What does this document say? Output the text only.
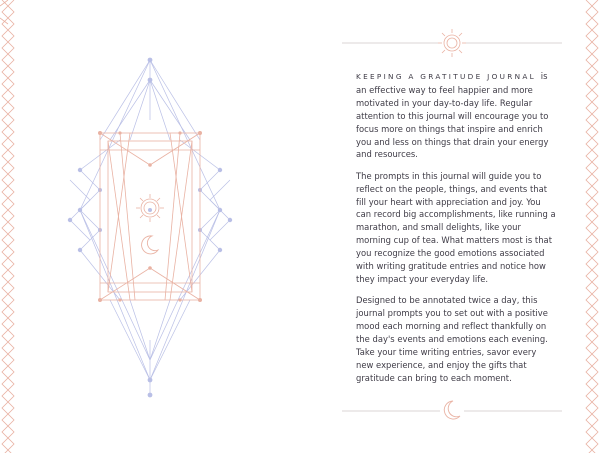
KEEPING A GRATITUDE JOURNAL is an effective way to feel happier and more motivated in your day-to-day life. Regular attention to this journal will encourage you to focus more on things that inspire and enrich you and less on things that drain your energy and resources.

The prompts in this journal will guide you to reflect on the people, things, and events that fill your heart with appreciation and joy. You can record big accomplishments, like running a marathon, and small delights, like your morning cup of tea. What matters most is that you recognize the good emotions associated with writing gratitude entries and notice how they impact your everyday life.

Designed to be annotated twice a day, this journal prompts you to set out with a positive mood each morning and reflect thankfully on the day's events and emotions each evening. Take your time writing entries, savor every new experience, and enjoy the gifts that gratitude can bring to each moment.
